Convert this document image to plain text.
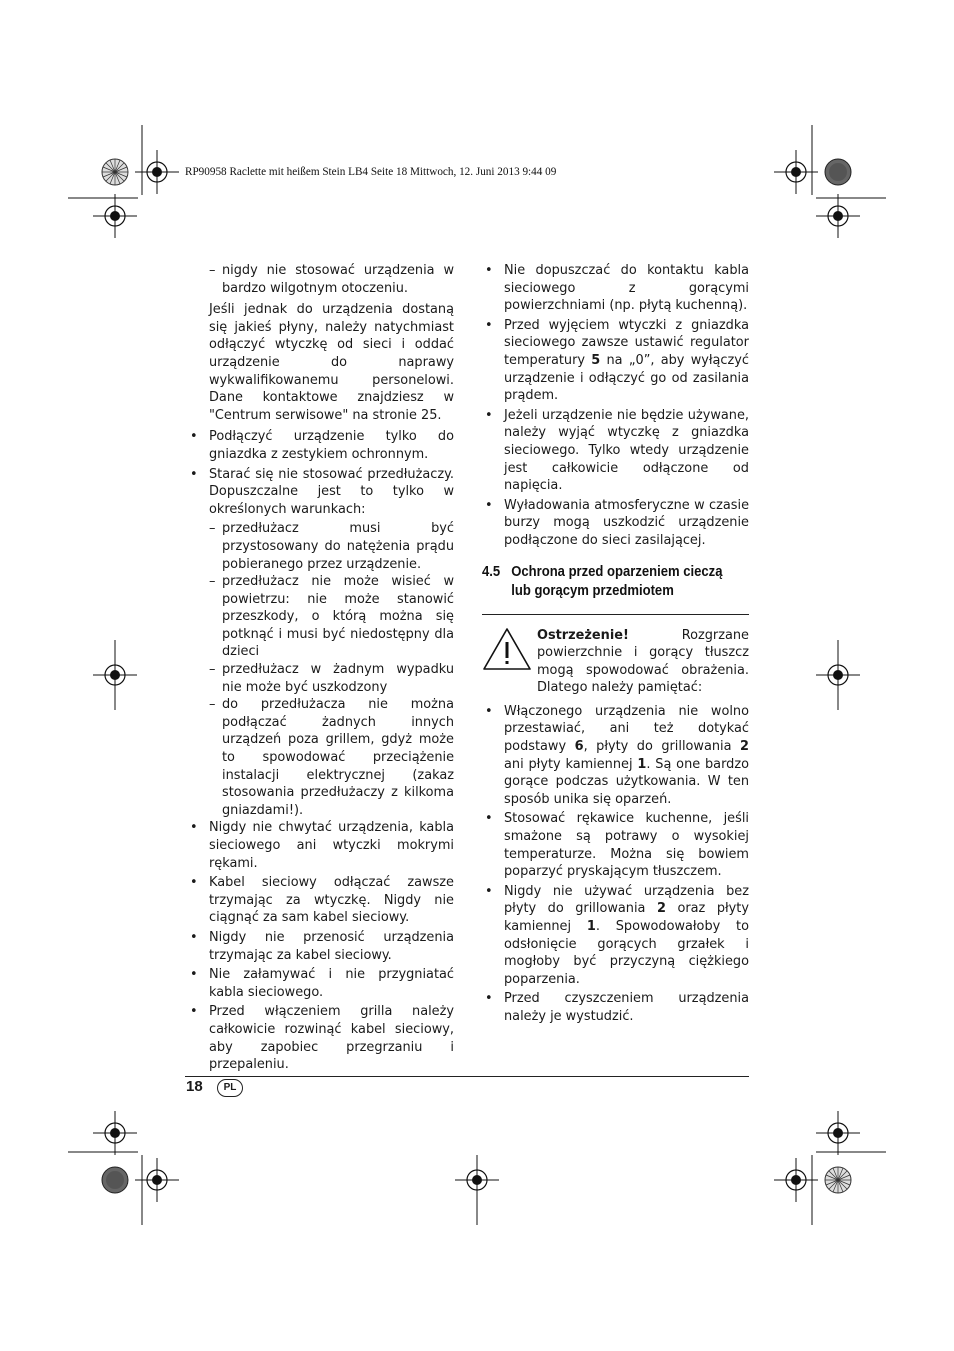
RP90958 Raclette mit heißem Stein LB4 Seite 18 Mittwoch, 12. Juni 2013 9:44 09
– nigdy nie stosować urządzenia w bardzo wilgotnym otoczeniu.
Jeśli jednak do urządzenia dostaną się jakieś płyny, należy natychmiast odłączyć wtyczkę od sieci i oddać urządzenie do naprawy wykwalifikowanemu personelowi. Dane kontaktowe znajdziesz w "Centrum serwisowe" na stronie 25.
• Podłączyć urządzenie tylko do gniazdka z zestykiem ochronnym.
• Starać się nie stosować przedłużaczy. Dopuszczalne jest to tylko w określonych warunkach:
– przedłużacz musi być przystosowany do natężenia prądu pobieranego przez urządzenie.
– przedłużacz nie może wisieć w powietrzu: nie może stanowić przeszkody, o którą można się potknąć i musi być niedostępny dla dzieci
– przedłużacz w żadnym wypadku nie może być uszkodzony
– do przedłużacza nie można podłączać żadnych innych urządzeń poza grillem, gdyż może to spowodować przeciążenie instalacji elektrycznej (zakaz stosowania przedłużaczy z kilkoma gniazdami!).
• Nigdy nie chwytać urządzenia, kabla sieciowego ani wtyczki mokrymi rękami.
• Kabel sieciowy odłączać zawsze trzymając za wtyczkę. Nigdy nie ciągnąć za sam kabel sieciowy.
• Nigdy nie przenosić urządzenia trzymając za kabel sieciowy.
• Nie załamywać i nie przygniatać kabla sieciowego.
• Przed włączeniem grilla należy całkowicie rozwinąć kabel sieciowy, aby zapobiec przegrzaniu i przepaleniu.
• Nie dopuszczać do kontaktu kabla sieciowego z gorącymi powierzchniami (np. płytą kuchenną).
• Przed wyjęciem wtyczki z gniazdka sieciowego zawsze ustawić regulator temperatury 5 na „0”, aby wyłączyć urządzenie i odłączyć go od zasilania prądem.
• Jeżeli urządzenie nie będzie używane, należy wyjąć wtyczkę z gniazdka sieciowego. Tylko wtedy urządzenie jest całkowicie odłączone od napięcia.
• Wyładowania atmosferyczne w czasie burzy mogą uszkodzić urządzenie podłączone do sieci zasilającej.
4.5 Ochrona przed oparzeniem cieczą
lub gorącym przedmiotem
Ostrzeżenie! Rozgrzane powierzchnie i gorący tłuszcz mogą spowodować obrażenia. Dlatego należy pamiętać:
• Włączonego urządzenia nie wolno przestawiać, ani też dotykać podstawy 6, płyty do grillowania 2 ani płyty kamiennej 1. Są one bardzo gorące podczas użytkowania. W ten sposób unika się oparzeń.
• Stosować rękawice kuchenne, jeśli smażone są potrawy o wysokiej temperaturze. Można się bowiem poparzyć pryskającym tłuszczem.
• Nigdy nie używać urządzenia bez płyty do grillowania 2 oraz płyty kamiennej 1. Spowodowałoby to odsłonięcie gorących grzałek i mogłoby być przyczyną ciężkiego poparzenia.
• Przed czyszczeniem urządzenia należy je wystudzić.
18	PL
